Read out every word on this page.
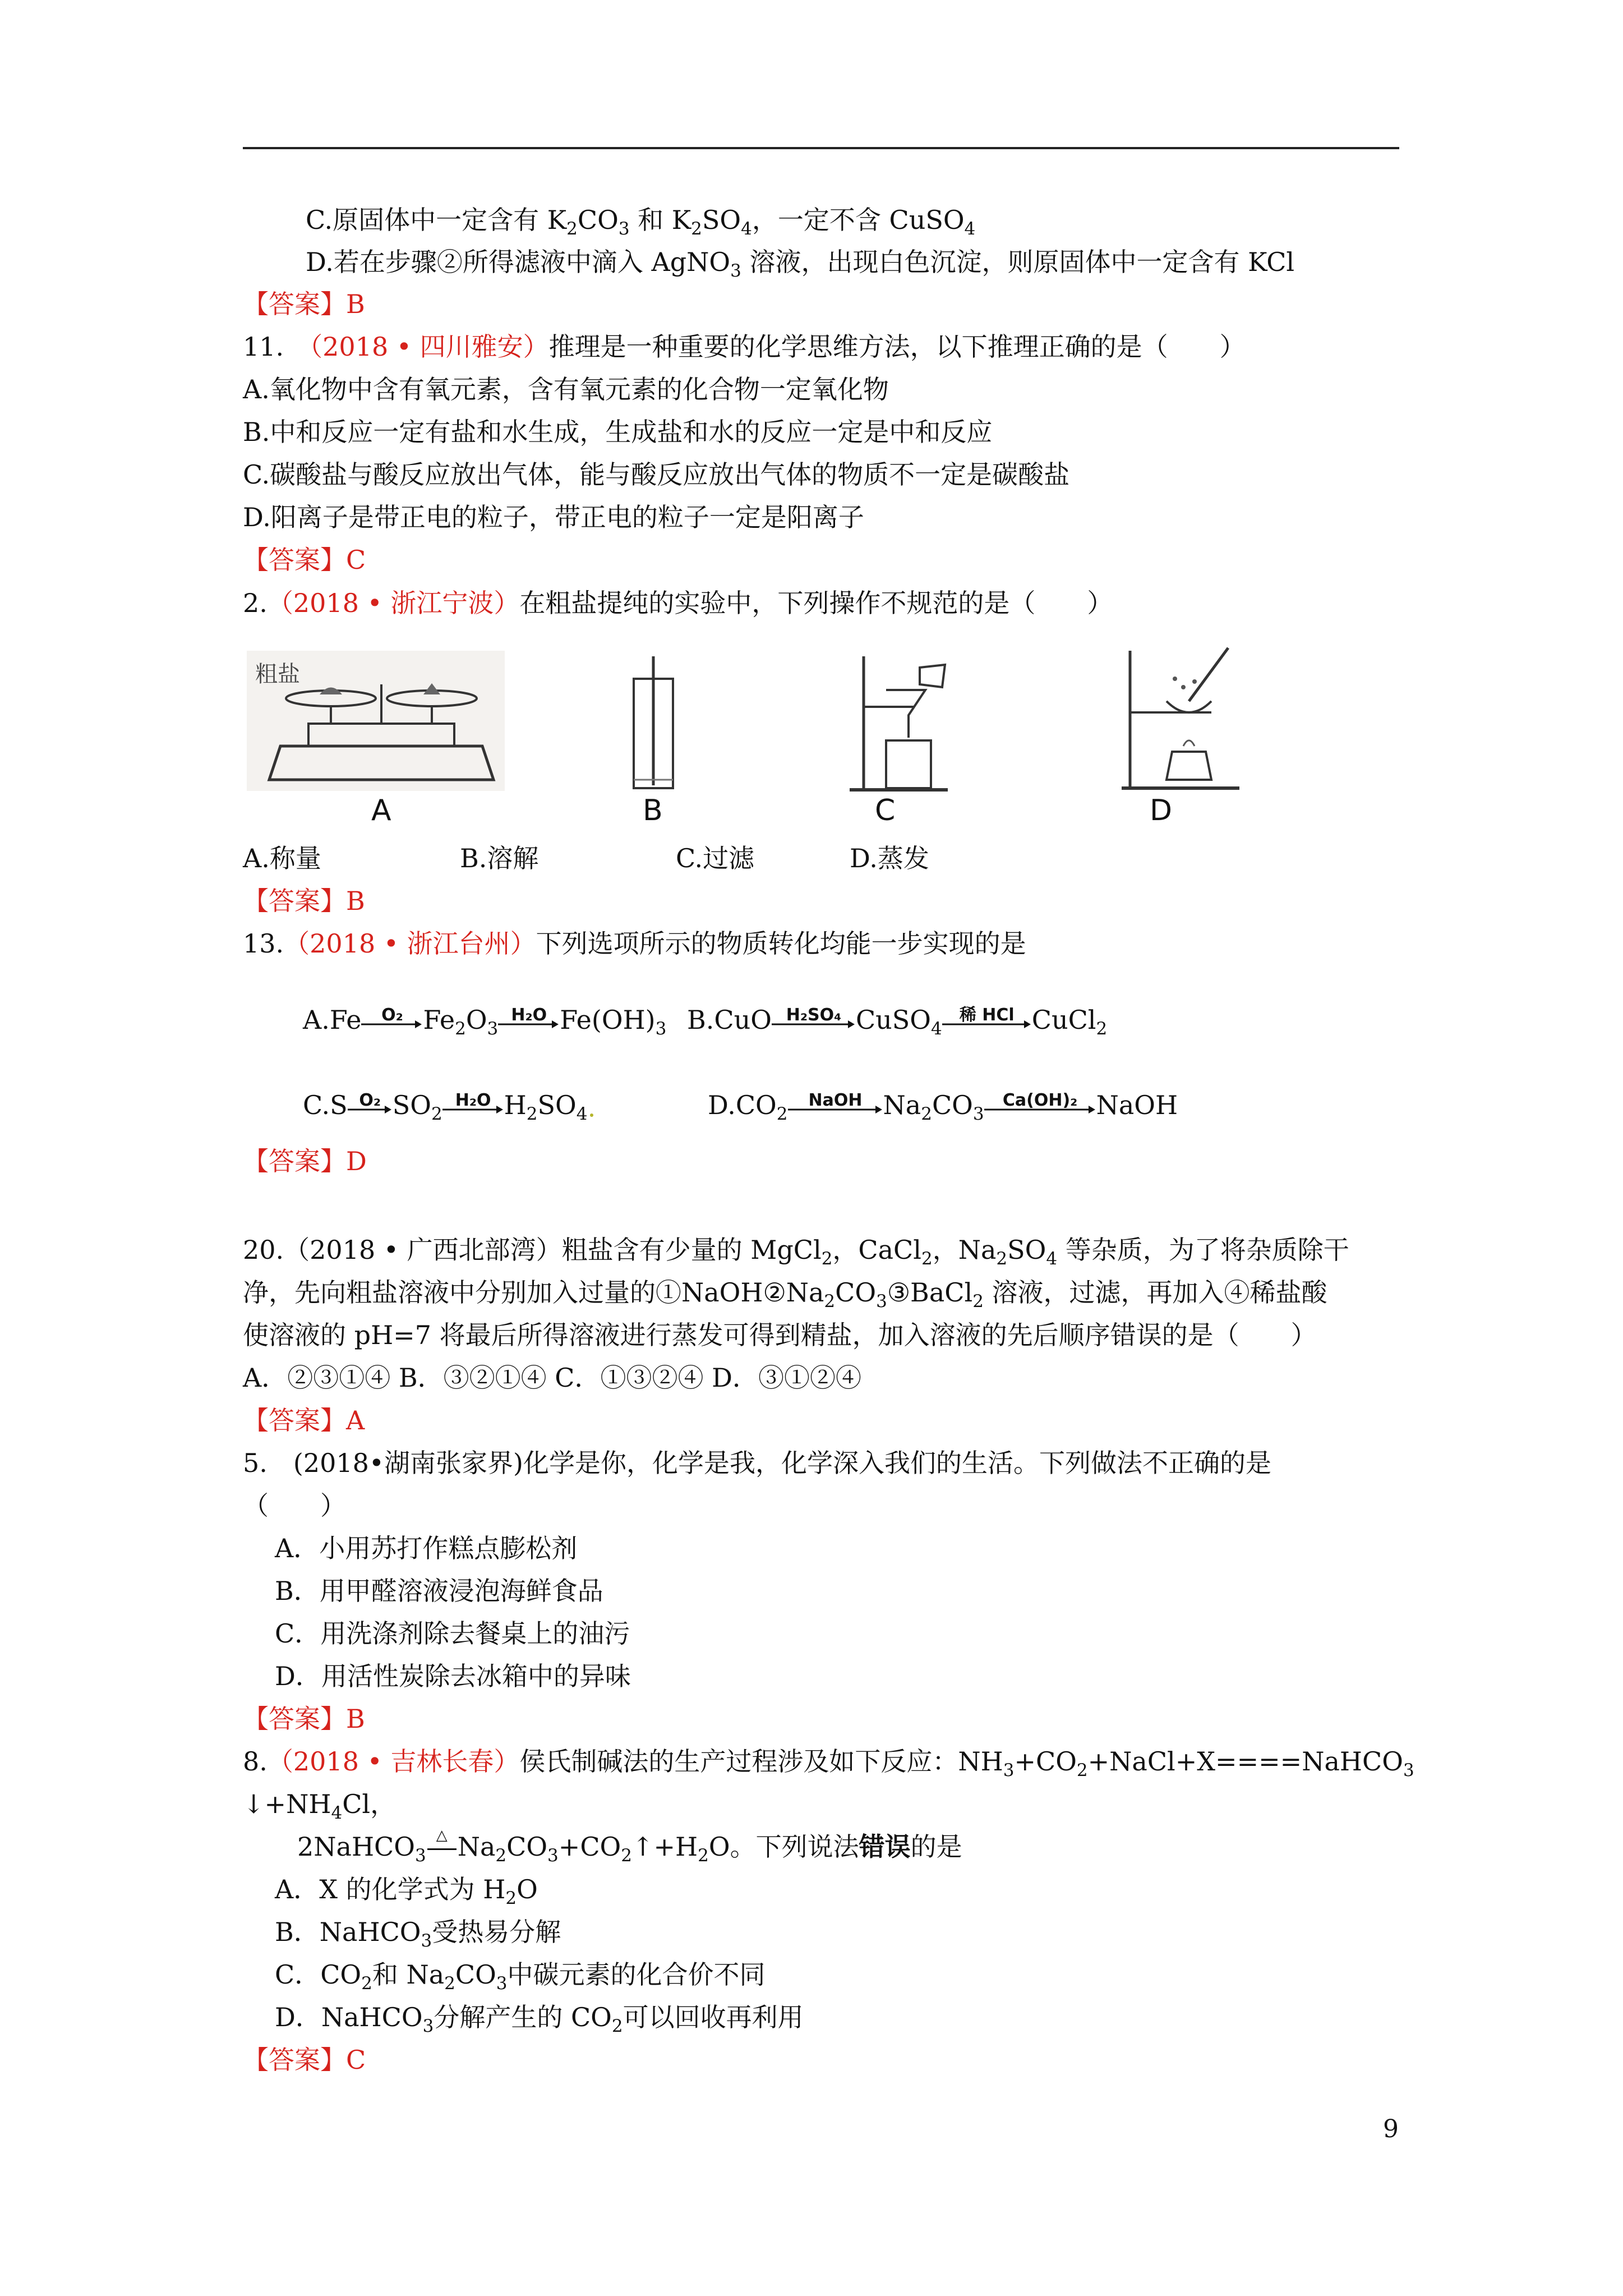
C.原固体中一定含有 $K_2CO_3$ 和 $K_2SO_4$，一定不含 CuSO$_4$
D.若在步骤②所得滤液中滴入 AgNO$_3$ 溶液，出现白色沉淀，则原固体中一定含有 KCl
【答案】B
11.　 （2018 • 四川雅安）推理是一种重要的化学思维方法，以下推理正确的是（　　）
A.氧化物中含有氧元素，含有氧元素的化合物一定氧化物
B.中和反应一定有盐和水生成，生成盐和水的反应一定是中和反应
C.碳酸盐与酸反应放出气体，能与酸反应放出气体的物质不一定是碳酸盐
D.阳离子是带正电的粒子，带正电的粒子一定是阳离子
【答案】C
2.（2018 • 浙江宁波）在粗盐提纯的实验中，下列操作不规范的是（　　）
粗盐
A	B	C	D
A.称量	B.溶解	C.过滤	D.蒸发
【答案】B
13.（2018 • 浙江台州）下列选项所示的物质转化均能一步实现的是
A.Fe	O₂ $Fe_2O_3$
H₂O $Fe(OH)_3$ B.CuO H₂SO₄ CuSO$_4$
稀 HCl CuCl$_2$
C.S O₂ $SO_2$
H₂O $H_2SO_4$	$D.CO_2$
NaOH $Na_2CO_3$
Ca(OH)₂ NaOH
【答案】D
20.（2018 • 广西北部湾）粗盐含有少量的 MgCl$_2$，CaCl$_2$，$Na_2SO_4$ 等杂质，为了将杂质除干
净，先向粗盐溶液中分别加入过量的$①NaOH②Na_2CO_3③BaCl_2$ 溶液，过滤，再加入④稀盐酸
使溶液的 pH=7 将最后所得溶液进行蒸发可得到精盐，加入溶液的先后顺序错误的是（　　）
A．②③①④ B．③②①④ C．①③②④ D．③①②④
【答案】A
5.　(2018•湖南张家界)化学是你，化学是我，化学深入我们的生活。下列做法不正确的是
（　　）
A．小用苏打作糕点膨松剂
B．用甲醛溶液浸泡海鲜食品
C．用洗涤剂除去餐桌上的油污
D．用活性炭除去冰箱中的异味
【答案】B
8.（2018 • 吉林长春）侯氏制碱法的生产过程涉及如下反应：$NH_3+CO_2+NaCl+X====NaHCO_3$
$↓+NH_4Cl$，
2NaHCO$_3$
△ $Na_2CO_3+CO_2↑+H_2O$。下列说法错误的是
A．X 的化学式为 $H_2O$
B．NaHCO$_3$受热易分解
C．$CO_2$和 $Na_2CO_3$中碳元素的化合价不同
D．NaHCO$_3$分解产生的 $CO_2$可以回收再利用
【答案】C
9
